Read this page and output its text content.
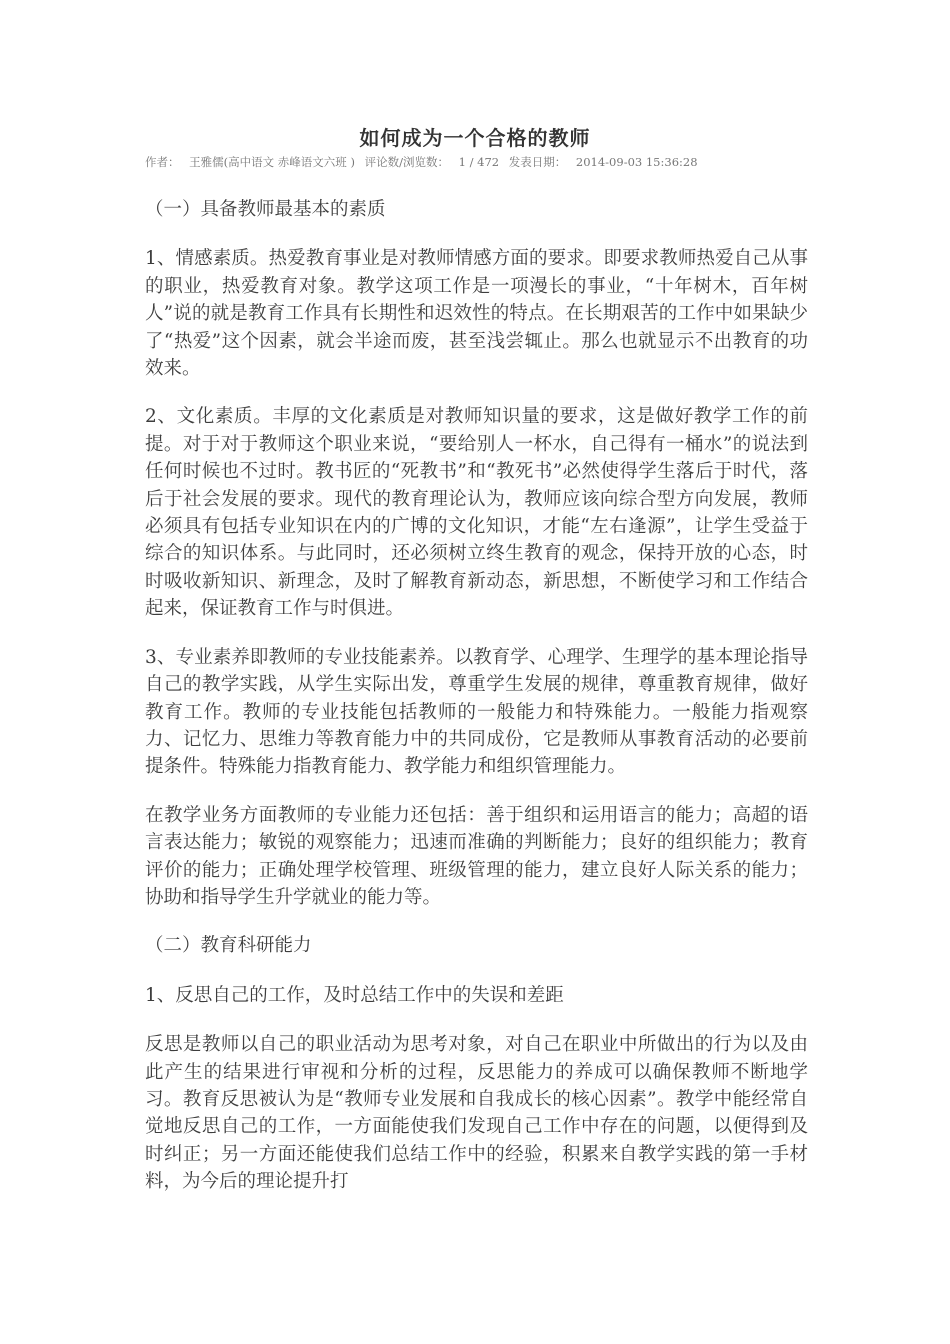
如何成为一个合格的教师
作者： 王雅儒(高中语文 赤峰语文六班 ) 评论数/浏览数： 1 / 472 发表日期： 2014-09-03 15:36:28

（一）具备教师最基本的素质

1、情感素质。热爱教育事业是对教师情感方面的要求。即要求教师热爱自己从事的职业，热爱教育对象。教学这项工作是一项漫长的事业，“十年树木，百年树人”说的就是教育工作具有长期性和迟效性的特点。在长期艰苦的工作中如果缺少了“热爱”这个因素，就会半途而废，甚至浅尝辄止。那么也就显示不出教育的功效来。

2、文化素质。丰厚的文化素质是对教师知识量的要求，这是做好教学工作的前提。对于对于教师这个职业来说，“要给别人一杯水，自己得有一桶水”的说法到任何时候也不过时。教书匠的“死教书”和“教死书”必然使得学生落后于时代，落后于社会发展的要求。现代的教育理论认为，教师应该向综合型方向发展，教师必须具有包括专业知识在内的广博的文化知识，才能“左右逢源”，让学生受益于综合的知识体系。与此同时，还必须树立终生教育的观念，保持开放的心态，时时吸收新知识、新理念，及时了解教育新动态，新思想，不断使学习和工作结合起来，保证教育工作与时俱进。

3、专业素养即教师的专业技能素养。以教育学、心理学、生理学的基本理论指导自己的教学实践，从学生实际出发，尊重学生发展的规律，尊重教育规律，做好教育工作。教师的专业技能包括教师的一般能力和特殊能力。一般能力指观察力、记忆力、思维力等教育能力中的共同成份，它是教师从事教育活动的必要前提条件。特殊能力指教育能力、教学能力和组织管理能力。

在教学业务方面教师的专业能力还包括：善于组织和运用语言的能力；高超的语言表达能力；敏锐的观察能力；迅速而准确的判断能力；良好的组织能力；教育评价的能力；正确处理学校管理、班级管理的能力，建立良好人际关系的能力；协助和指导学生升学就业的能力等。

（二）教育科研能力

1、反思自己的工作，及时总结工作中的失误和差距

反思是教师以自己的职业活动为思考对象，对自己在职业中所做出的行为以及由此产生的结果进行审视和分析的过程，反思能力的养成可以确保教师不断地学习。教育反思被认为是“教师专业发展和自我成长的核心因素”。教学中能经常自觉地反思自己的工作，一方面能使我们发现自己工作中存在的问题，以便得到及时纠正；另一方面还能使我们总结工作中的经验，积累来自教学实践的第一手材料，为今后的理论提升打
